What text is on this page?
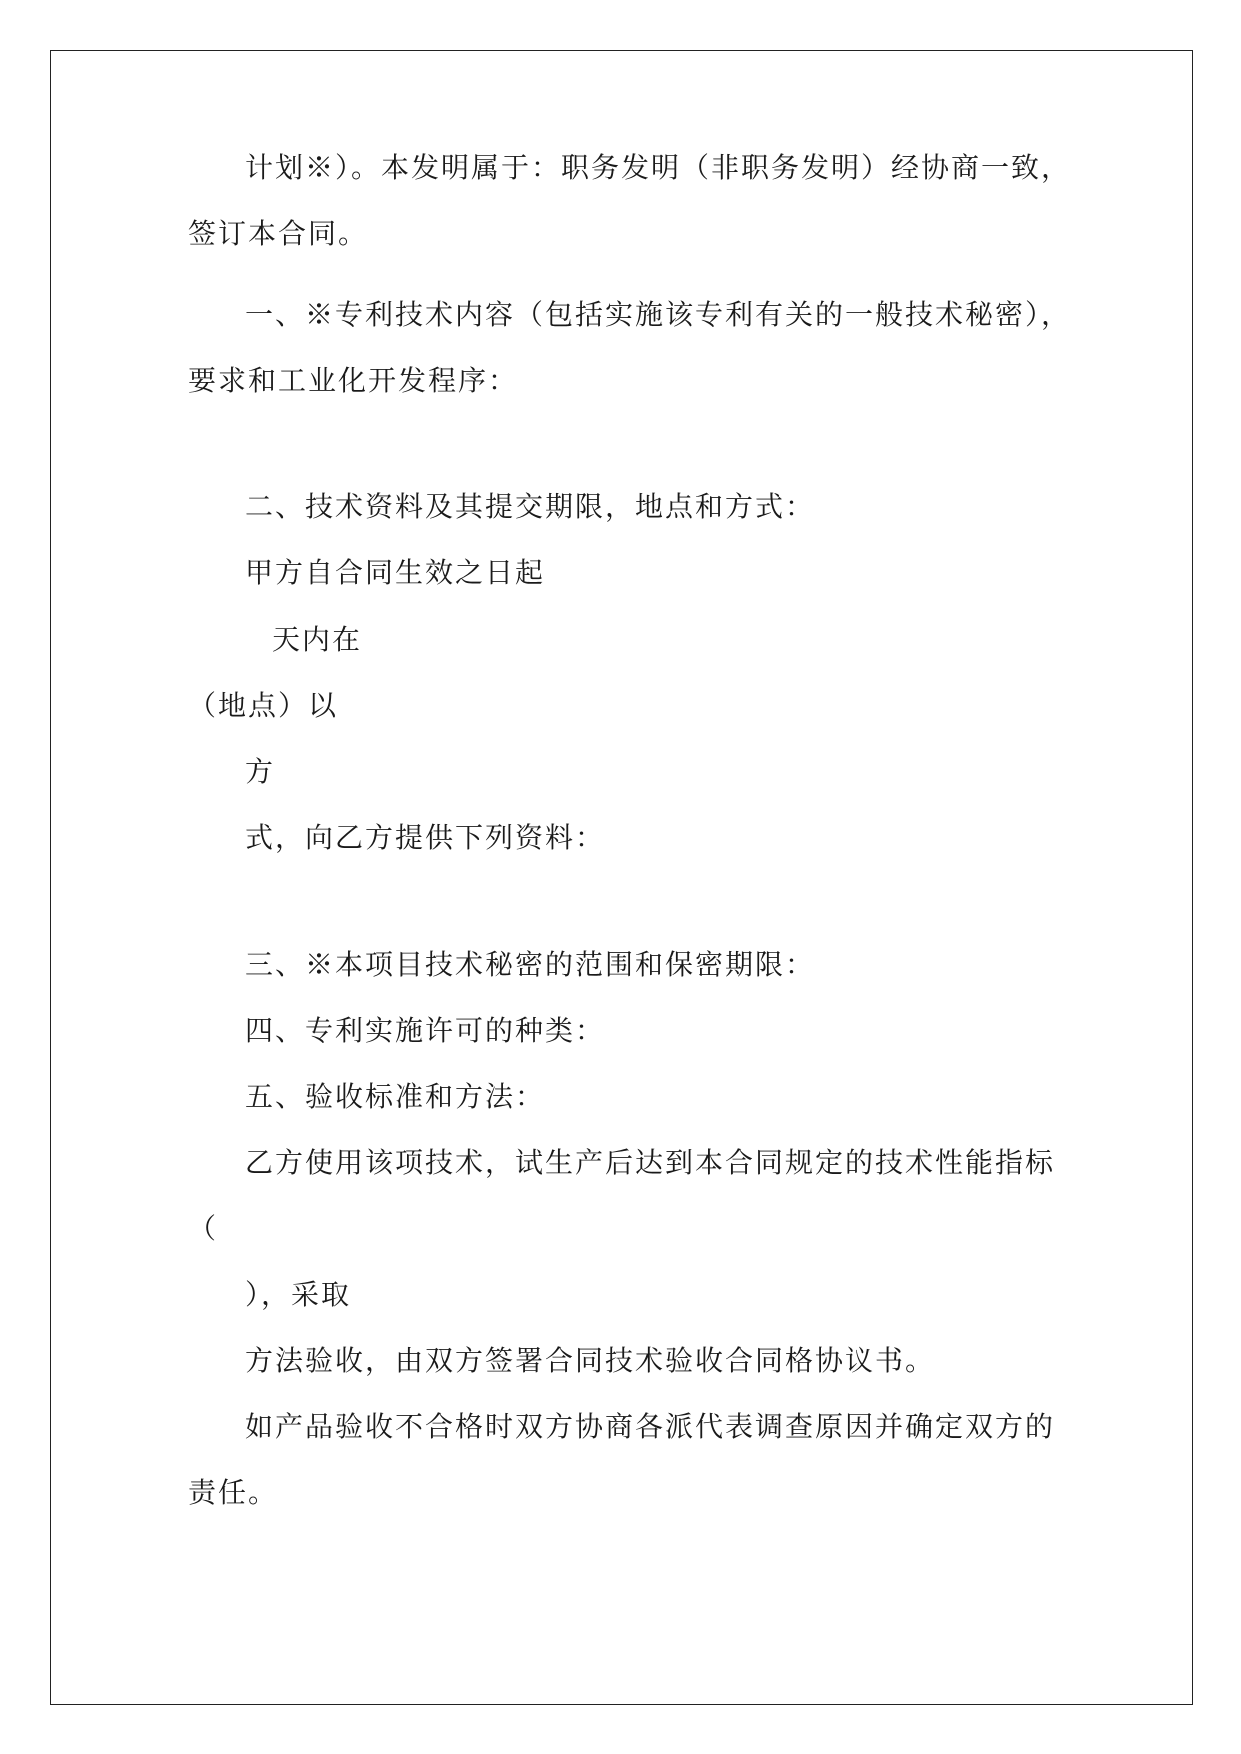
计划※）。本发明属于：职务发明（非职务发明）经协商一致，
签订本合同。
一、※专利技术内容（包括实施该专利有关的一般技术秘密），
要求和工业化开发程序：
二、技术资料及其提交期限，地点和方式：
甲方自合同生效之日起
天内在
（地点）以
方
式，向乙方提供下列资料：
三、※本项目技术秘密的范围和保密期限：
四、专利实施许可的种类：
五、验收标准和方法：
乙方使用该项技术，试生产后达到本合同规定的技术性能指标
（
），采取
方法验收，由双方签署合同技术验收合同格协议书。
如产品验收不合格时双方协商各派代表调查原因并确定双方的
责任。
